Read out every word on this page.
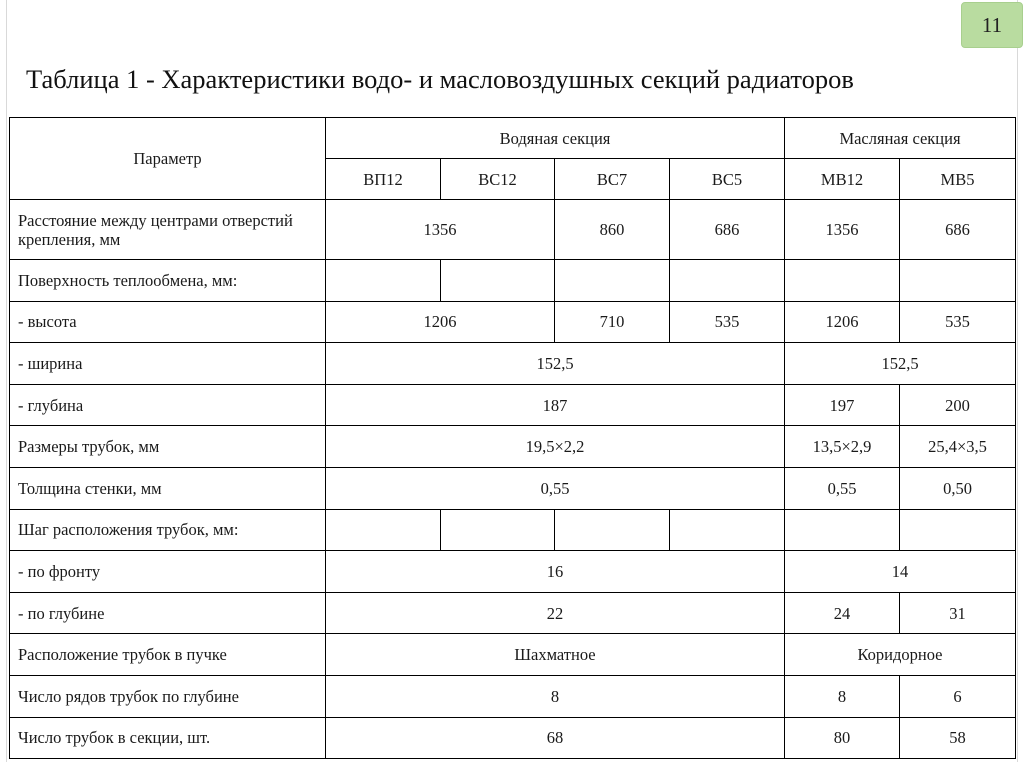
11
Таблица 1 - Характеристики водо- и масловоздушных секций радиаторов
Параметр	Водяная секция				Масляная секция	
	ВП12	ВС12	ВС7	ВС5	МВ12	МВ5
Расстояние между центрами отверстий крепления, мм	1356		860	686	1356	686
Поверхность теплообмена, мм:						
- высота	1206		710	535	1206	535
- ширина	152,5				152,5	
- глубина	187				197	200
Размеры трубок, мм	19,5×2,2				13,5×2,9	25,4×3,5
Толщина стенки, мм	0,55				0,55	0,50
Шаг расположения трубок, мм:						
- по фронту	16				14	
- по глубине	22				24	31
Расположение трубок в пучке	Шахматное				Коридорное	
Число рядов трубок по глубине	8				8	6
Число трубок в секции, шт.	68				80	58
